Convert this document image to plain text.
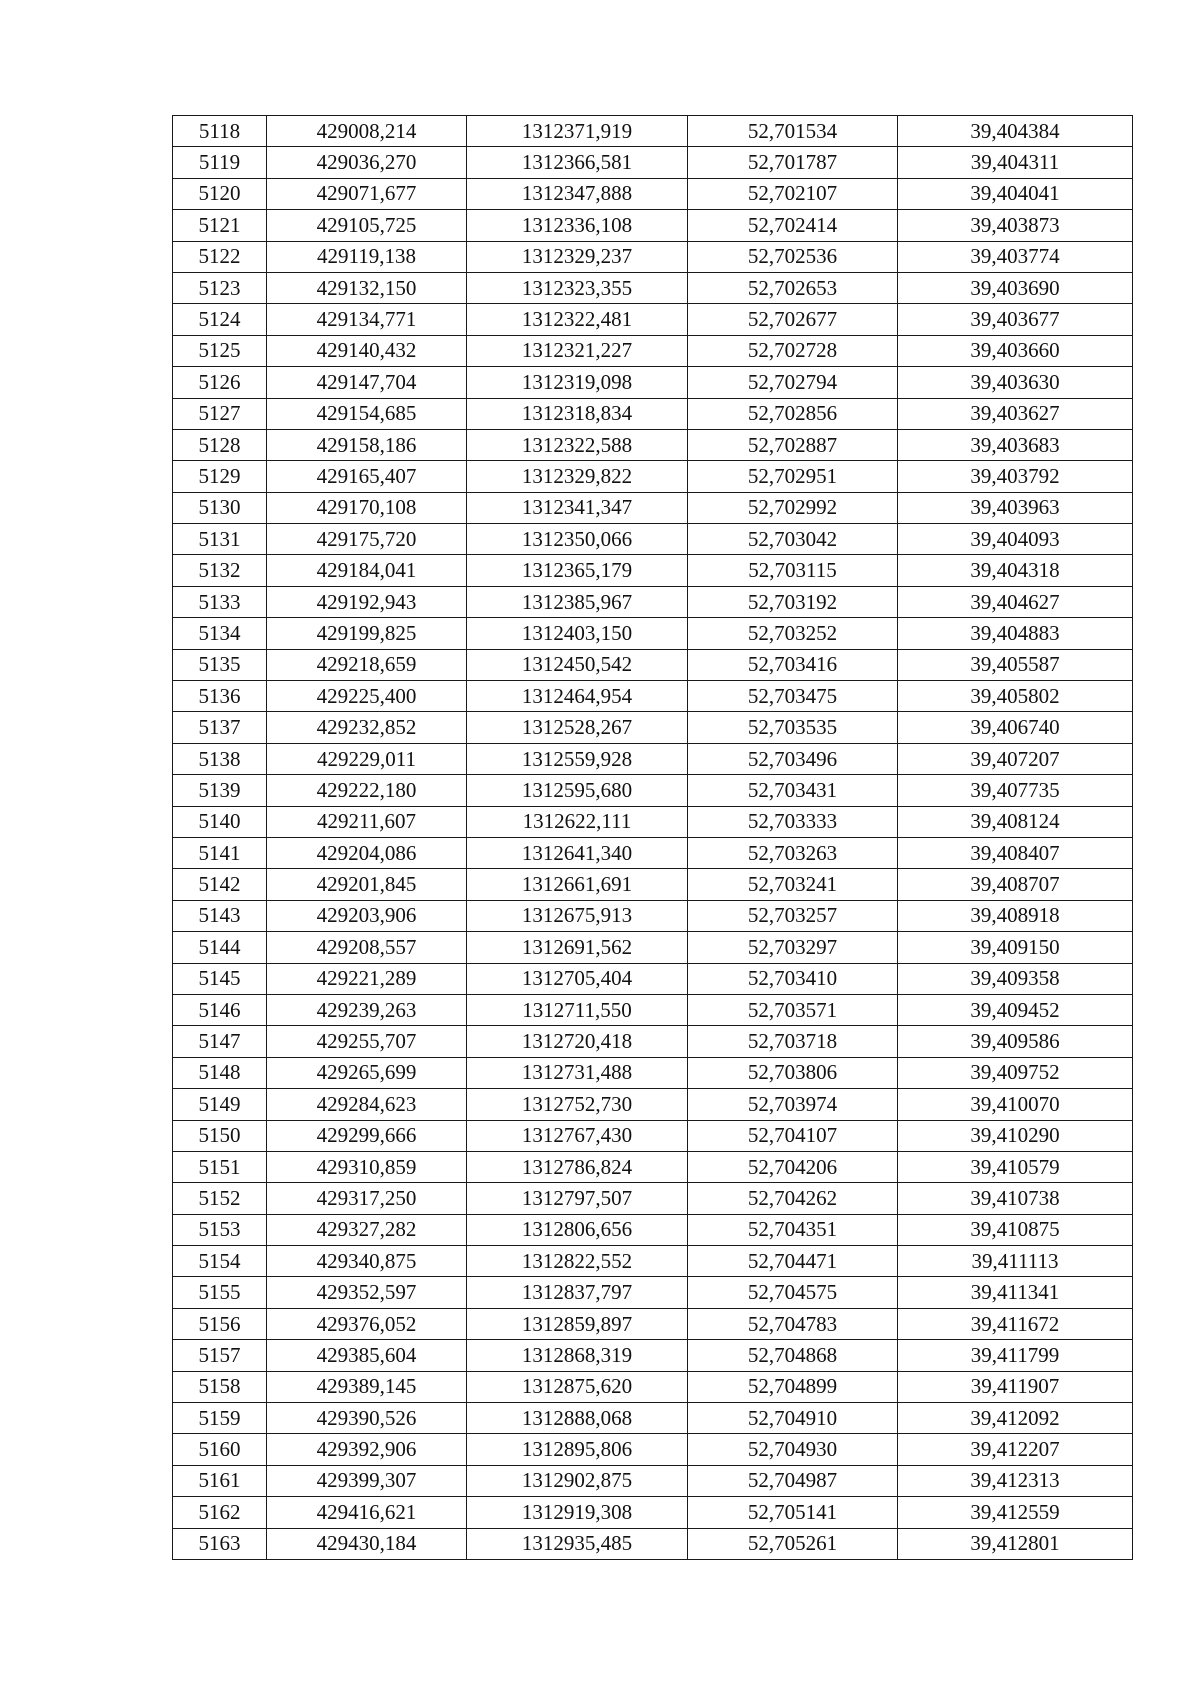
5118	429008,214	1312371,919	52,701534	39,404384
5119	429036,270	1312366,581	52,701787	39,404311
5120	429071,677	1312347,888	52,702107	39,404041
5121	429105,725	1312336,108	52,702414	39,403873
5122	429119,138	1312329,237	52,702536	39,403774
5123	429132,150	1312323,355	52,702653	39,403690
5124	429134,771	1312322,481	52,702677	39,403677
5125	429140,432	1312321,227	52,702728	39,403660
5126	429147,704	1312319,098	52,702794	39,403630
5127	429154,685	1312318,834	52,702856	39,403627
5128	429158,186	1312322,588	52,702887	39,403683
5129	429165,407	1312329,822	52,702951	39,403792
5130	429170,108	1312341,347	52,702992	39,403963
5131	429175,720	1312350,066	52,703042	39,404093
5132	429184,041	1312365,179	52,703115	39,404318
5133	429192,943	1312385,967	52,703192	39,404627
5134	429199,825	1312403,150	52,703252	39,404883
5135	429218,659	1312450,542	52,703416	39,405587
5136	429225,400	1312464,954	52,703475	39,405802
5137	429232,852	1312528,267	52,703535	39,406740
5138	429229,011	1312559,928	52,703496	39,407207
5139	429222,180	1312595,680	52,703431	39,407735
5140	429211,607	1312622,111	52,703333	39,408124
5141	429204,086	1312641,340	52,703263	39,408407
5142	429201,845	1312661,691	52,703241	39,408707
5143	429203,906	1312675,913	52,703257	39,408918
5144	429208,557	1312691,562	52,703297	39,409150
5145	429221,289	1312705,404	52,703410	39,409358
5146	429239,263	1312711,550	52,703571	39,409452
5147	429255,707	1312720,418	52,703718	39,409586
5148	429265,699	1312731,488	52,703806	39,409752
5149	429284,623	1312752,730	52,703974	39,410070
5150	429299,666	1312767,430	52,704107	39,410290
5151	429310,859	1312786,824	52,704206	39,410579
5152	429317,250	1312797,507	52,704262	39,410738
5153	429327,282	1312806,656	52,704351	39,410875
5154	429340,875	1312822,552	52,704471	39,411113
5155	429352,597	1312837,797	52,704575	39,411341
5156	429376,052	1312859,897	52,704783	39,411672
5157	429385,604	1312868,319	52,704868	39,411799
5158	429389,145	1312875,620	52,704899	39,411907
5159	429390,526	1312888,068	52,704910	39,412092
5160	429392,906	1312895,806	52,704930	39,412207
5161	429399,307	1312902,875	52,704987	39,412313
5162	429416,621	1312919,308	52,705141	39,412559
5163	429430,184	1312935,485	52,705261	39,412801
